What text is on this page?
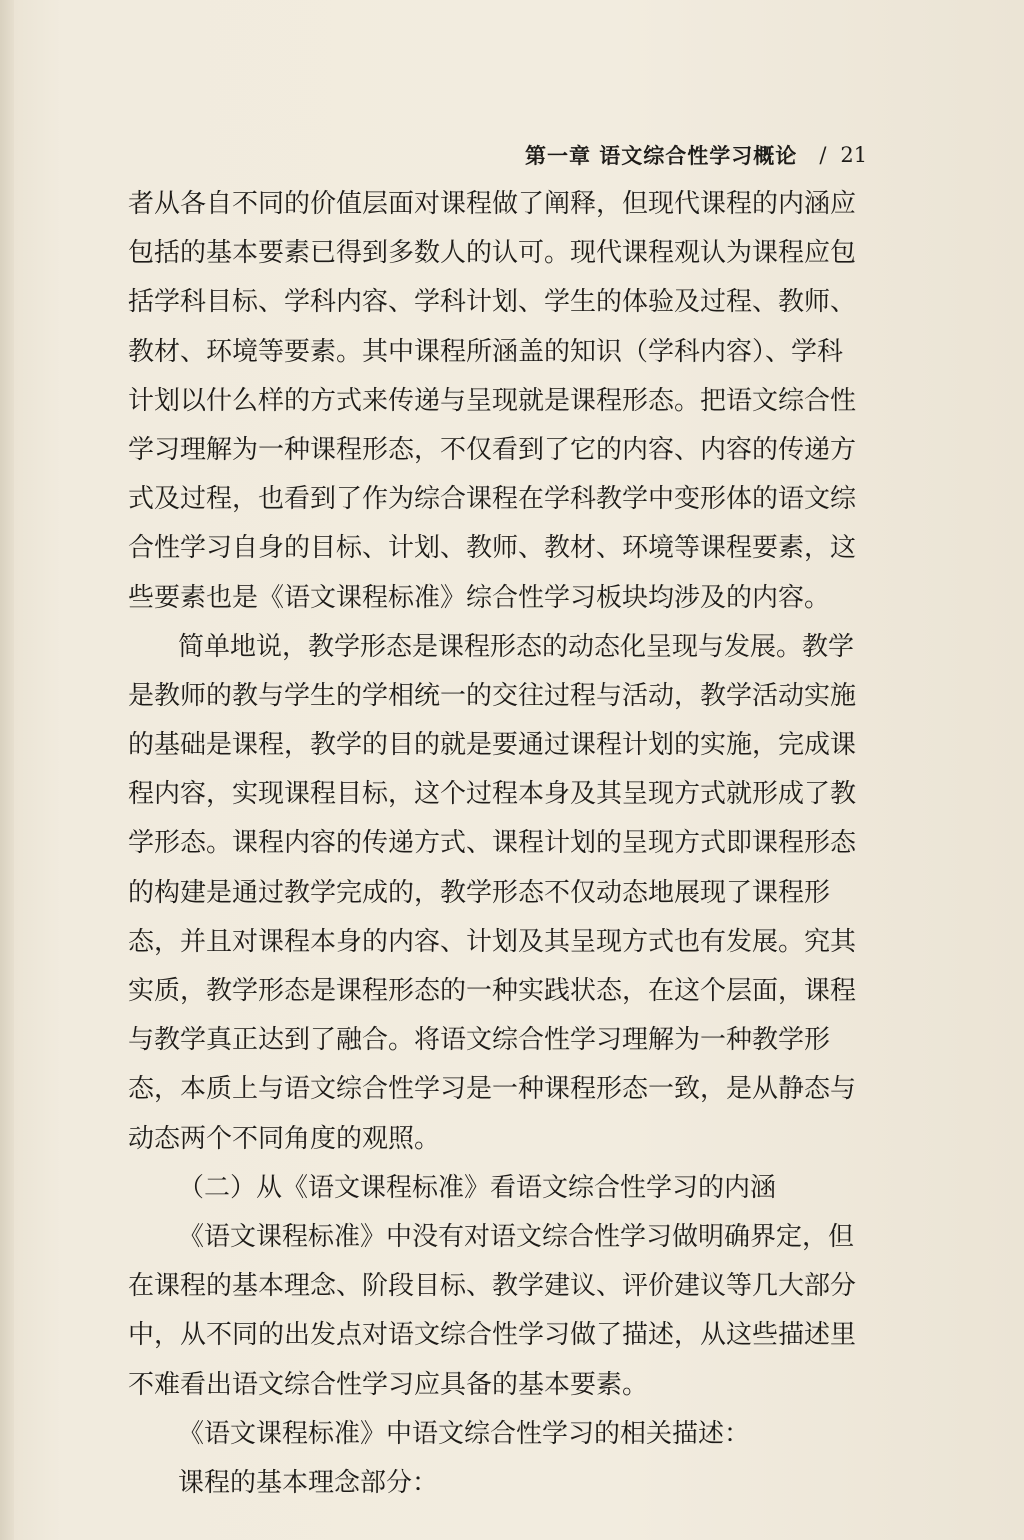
第一章 语文综合性学习概论 / 21
者从各自不同的价值层面对课程做了阐释，但现代课程的内涵应
包括的基本要素已得到多数人的认可。现代课程观认为课程应包
括学科目标、学科内容、学科计划、学生的体验及过程、教师、
教材、环境等要素。其中课程所涵盖的知识（学科内容）、学科
计划以什么样的方式来传递与呈现就是课程形态。把语文综合性
学习理解为一种课程形态，不仅看到了它的内容、内容的传递方
式及过程，也看到了作为综合课程在学科教学中变形体的语文综
合性学习自身的目标、计划、教师、教材、环境等课程要素，这
些要素也是《语文课程标准》综合性学习板块均涉及的内容。
简单地说，教学形态是课程形态的动态化呈现与发展。教学
是教师的教与学生的学相统一的交往过程与活动，教学活动实施
的基础是课程，教学的目的就是要通过课程计划的实施，完成课
程内容，实现课程目标，这个过程本身及其呈现方式就形成了教
学形态。课程内容的传递方式、课程计划的呈现方式即课程形态
的构建是通过教学完成的，教学形态不仅动态地展现了课程形
态，并且对课程本身的内容、计划及其呈现方式也有发展。究其
实质，教学形态是课程形态的一种实践状态，在这个层面，课程
与教学真正达到了融合。将语文综合性学习理解为一种教学形
态，本质上与语文综合性学习是一种课程形态一致，是从静态与
动态两个不同角度的观照。
（二）从《语文课程标准》看语文综合性学习的内涵
《语文课程标准》中没有对语文综合性学习做明确界定，但
在课程的基本理念、阶段目标、教学建议、评价建议等几大部分
中，从不同的出发点对语文综合性学习做了描述，从这些描述里
不难看出语文综合性学习应具备的基本要素。
《语文课程标准》中语文综合性学习的相关描述：
课程的基本理念部分：
